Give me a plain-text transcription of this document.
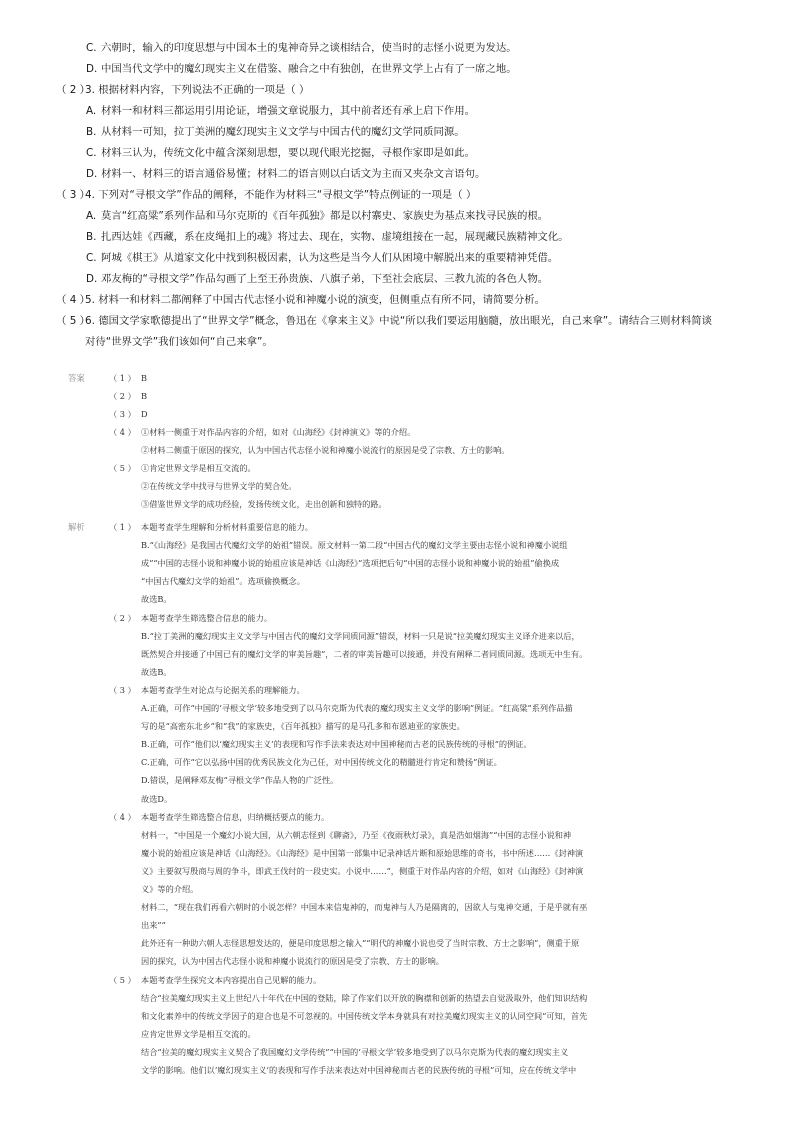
C. 六朝时，输入的印度思想与中国本土的鬼神奇异之谈相结合，使当时的志怪小说更为发达。
D. 中国当代文学中的魔幻现实主义在借鉴、融合之中有独创，在世界文学上占有了一席之地。
（ 2 ）
3. 根据材料内容，下列说法不正确的一项是（ ）
A. 材料一和材料三都运用引用论证，增强文章说服力，其中前者还有承上启下作用。
B. 从材料一可知，拉丁美洲的魔幻现实主义文学与中国古代的魔幻文学同质同源。
C. 材料三认为，传统文化中蕴含深刻思想，要以现代眼光挖掘，寻根作家即是如此。
D. 材料一、材料三的语言通俗易懂；材料二的语言则以白话文为主而又夹杂文言语句。
（ 3 ）
4. 下列对“寻根文学”作品的阐释，不能作为材料三“寻根文学”特点例证的一项是（ ）
A. 莫言“红高粱”系列作品和马尔克斯的《百年孤独》都是以村寨史、家族史为基点来找寻民族的根。
B. 扎西达娃《西藏，系在皮绳扣上的魂》将过去、现在，实物、虚境组接在一起，展现藏民族精神文化。
C. 阿城《棋王》从道家文化中找到积极因素，认为这些是当今人们从困境中解脱出来的重要精神凭借。
D. 邓友梅的“寻根文学”作品勾画了上至王孙贵族、八旗子弟，下至社会底层、三教九流的各色人物。
（ 4 ）
5. 材料一和材料二都阐释了中国古代志怪小说和神魔小说的演变，但侧重点有所不同，请简要分析。
（ 5 ）
6. 德国文学家歌德提出了“世界文学”概念，鲁迅在《拿来主义》中说“所以我们要运用脑髓，放出眼光，自己来拿”。请结合三则材料简谈
对待“世界文学”我们该如何“自己来拿”。
答案	（ 1 ） B
（ 2 ） B
（ 3 ） D
（ 4 ） ①材料一侧重于对作品内容的介绍，如对《山海经》《封神演义》等的介绍。
②材料二侧重于原因的探究，认为中国古代志怪小说和神魔小说流行的原因是受了宗教、方士的影响。
（ 5 ） ①肯定世界文学是相互交流的。
②在传统文学中找寻与世界文学的契合处。
③借鉴世界文学的成功经验，发扬传统文化，走出创新和独特的路。
解析	（ 1 ） 本题考查学生理解和分析材料重要信息的能力。
B.“《山海经》是我国古代魔幻文学的始祖”错误。原文材料一第二段“中国古代的魔幻文学主要由志怪小说和神魔小说组
成”“中国的志怪小说和神魔小说的始祖应该是神话《山海经》”选项把后句“中国的志怪小说和神魔小说的始祖”偷换成
“中国古代魔幻文学的始祖”。选项偷换概念。
故选B。
（ 2 ） 本题考查学生筛选整合信息的能力。
B.“拉丁美洲的魔幻现实主义文学与中国古代的魔幻文学同质同源”错误，材料一只是说“拉美魔幻现实主义译介进来以后，
既然契合并接通了中国已有的魔幻文学的审美旨趣”，二者的审美旨趣可以接通，并没有阐释二者同质同源。选项无中生有。
故选B。
（ 3 ） 本题考查学生对论点与论据关系的理解能力。
A.正确，可作“中国的‘寻根文学’较多地受到了以马尔克斯为代表的魔幻现实主义文学的影响”例证。“红高粱”系列作品描
写的是“高密东北乡”和“我”的家族史，《百年孤独》描写的是马孔多和布恩迪亚的家族史。
B.正确，可作“他们以‘魔幻现实主义’的表现和写作手法来表达对中国神秘而古老的民族传统的寻根”的例证。
C.正确，可作“它以弘扬中国的优秀民族文化为己任，对中国传统文化的精髓进行肯定和赞扬”例证。
D.错误，是阐释邓友梅“寻根文学”作品人物的广泛性。
故选D。
（ 4 ） 本题考查学生筛选整合信息，归纳概括要点的能力。
材料一，“中国是一个魔幻小说大国，从六朝志怪到《聊斋》，乃至《夜雨秋灯录》，真是浩如烟海”“中国的志怪小说和神
魔小说的始祖应该是神话《山海经》。《山海经》是中国第一部集中记录神话片断和原始思维的奇书，书中所述……《封神演
义》主要叙写殷商与周的争斗，即武王伐纣的一段史实。小说中……”，侧重于对作品内容的介绍，如对《山海经》《封神演
义》等的介绍。
材料二，“现在我们再看六朝时的小说怎样？中国本来信鬼神的，而鬼神与人乃是隔离的，因欲人与鬼神交通，于是乎就有巫
出来”“
此外还有一种助六朝人志怪思想发达的，便是印度思想之输入”“明代的神魔小说也受了当时宗教、方士之影响”，侧重于原
因的探究，认为中国古代志怪小说和神魔小说流行的原因是受了宗教、方士的影响。
（ 5 ） 本题考查学生探究文本内容提出自己见解的能力。
结合“拉美魔幻现实主义上世纪八十年代在中国的登陆，除了作家们以开放的胸襟和创新的热望去自觉汲取外，他们知识结构
和文化素养中的传统文学因子的迎合也是不可忽视的。中国传统文学本身就具有对拉美魔幻现实主义的认同空间”可知，首先
应肯定世界文学是相互交流的。
结合“拉美的魔幻现实主义契合了我国魔幻文学传统”“中国的‘寻根文学’较多地受到了以马尔克斯为代表的魔幻现实主义
文学的影响。他们以‘魔幻现实主义’的表现和写作手法来表达对中国神秘而古老的民族传统的寻根”可知，应在传统文学中
